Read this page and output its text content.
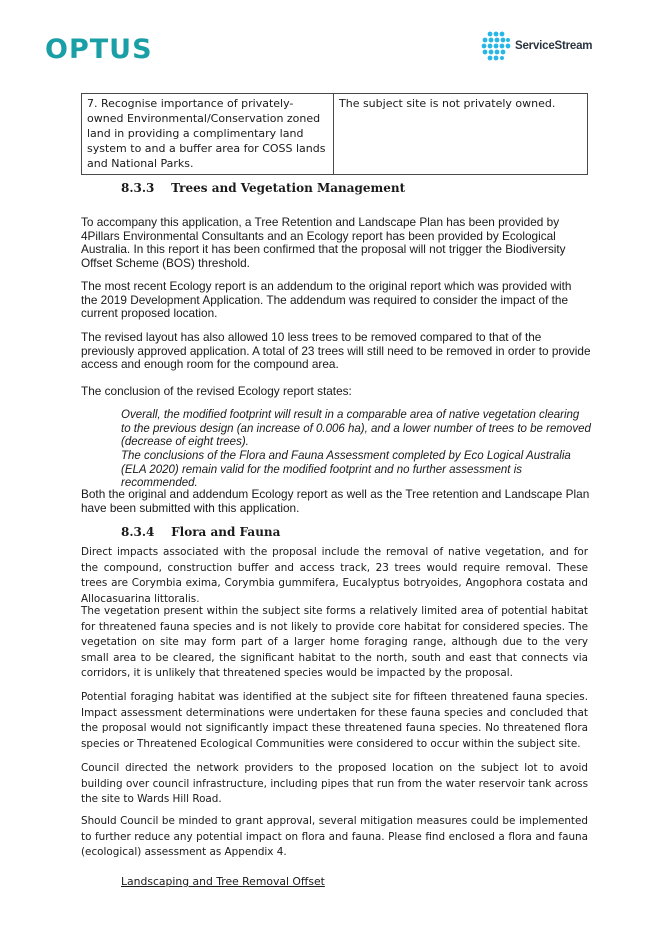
OPTUS	ServiceStream
7. Recognise importance of privately-owned Environmental/Conservation zoned land in providing a complimentary land system to and a buffer area for COSS lands and National Parks.	The subject site is not privately owned.
8.3.3 Trees and Vegetation Management

To accompany this application, a Tree Retention and Landscape Plan has been provided by 4Pillars Environmental Consultants and an Ecology report has been provided by Ecological Australia. In this report it has been confirmed that the proposal will not trigger the Biodiversity Offset Scheme (BOS) threshold.

The most recent Ecology report is an addendum to the original report which was provided with the 2019 Development Application. The addendum was required to consider the impact of the current proposed location.

The revised layout has also allowed 10 less trees to be removed compared to that of the previously approved application. A total of 23 trees will still need to be removed in order to provide access and enough room for the compound area.

The conclusion of the revised Ecology report states:

Overall, the modified footprint will result in a comparable area of native vegetation clearing to the previous design (an increase of 0.006 ha), and a lower number of trees to be removed (decrease of eight trees).

The conclusions of the Flora and Fauna Assessment completed by Eco Logical Australia (ELA 2020) remain valid for the modified footprint and no further assessment is recommended.

Both the original and addendum Ecology report as well as the Tree retention and Landscape Plan have been submitted with this application.

8.3.4 Flora and Fauna

Direct impacts associated with the proposal include the removal of native vegetation, and for the compound, construction buffer and access track, 23 trees would require removal. These trees are Corymbia exima, Corymbia gummifera, Eucalyptus botryoides, Angophora costata and Allocasuarina littoralis.

The vegetation present within the subject site forms a relatively limited area of potential habitat for threatened fauna species and is not likely to provide core habitat for considered species. The vegetation on site may form part of a larger home foraging range, although due to the very small area to be cleared, the significant habitat to the north, south and east that connects via corridors, it is unlikely that threatened species would be impacted by the proposal.

Potential foraging habitat was identified at the subject site for fifteen threatened fauna species. Impact assessment determinations were undertaken for these fauna species and concluded that the proposal would not significantly impact these threatened fauna species. No threatened flora species or Threatened Ecological Communities were considered to occur within the subject site.

Council directed the network providers to the proposed location on the subject lot to avoid building over council infrastructure, including pipes that run from the water reservoir tank across the site to Wards Hill Road.

Should Council be minded to grant approval, several mitigation measures could be implemented to further reduce any potential impact on flora and fauna. Please find enclosed a flora and fauna (ecological) assessment as Appendix 4.

Landscaping and Tree Removal Offset
